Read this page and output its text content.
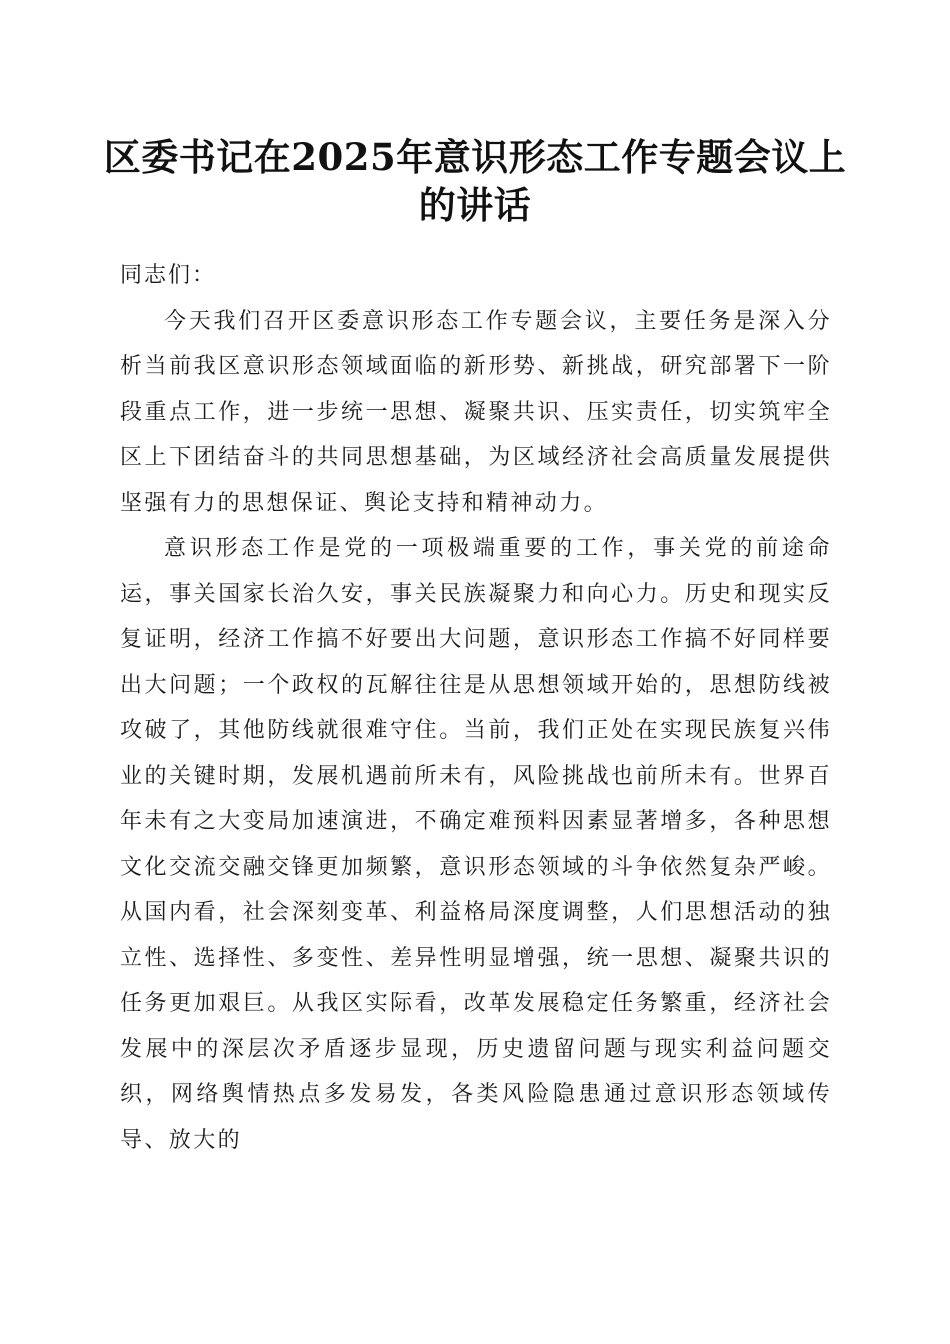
区委书记在2025年意识形态工作专题会议上的讲话

同志们：

今天我们召开区委意识形态工作专题会议，主要任务是深入分析当前我区意识形态领域面临的新形势、新挑战，研究部署下一阶段重点工作，进一步统一思想、凝聚共识、压实责任，切实筑牢全区上下团结奋斗的共同思想基础，为区域经济社会高质量发展提供坚强有力的思想保证、舆论支持和精神动力。

意识形态工作是党的一项极端重要的工作，事关党的前途命运，事关国家长治久安，事关民族凝聚力和向心力。历史和现实反复证明，经济工作搞不好要出大问题，意识形态工作搞不好同样要出大问题；一个政权的瓦解往往是从思想领域开始的，思想防线被攻破了，其他防线就很难守住。当前，我们正处在实现民族复兴伟业的关键时期，发展机遇前所未有，风险挑战也前所未有。世界百年未有之大变局加速演进，不确定难预料因素显著增多，各种思想文化交流交融交锋更加频繁，意识形态领域的斗争依然复杂严峻。从国内看，社会深刻变革、利益格局深度调整，人们思想活动的独立性、选择性、多变性、差异性明显增强，统一思想、凝聚共识的任务更加艰巨。从我区实际看，改革发展稳定任务繁重，经济社会发展中的深层次矛盾逐步显现，历史遗留问题与现实利益问题交织，网络舆情热点多发易发，各类风险隐患通过意识形态领域传导、放大的
